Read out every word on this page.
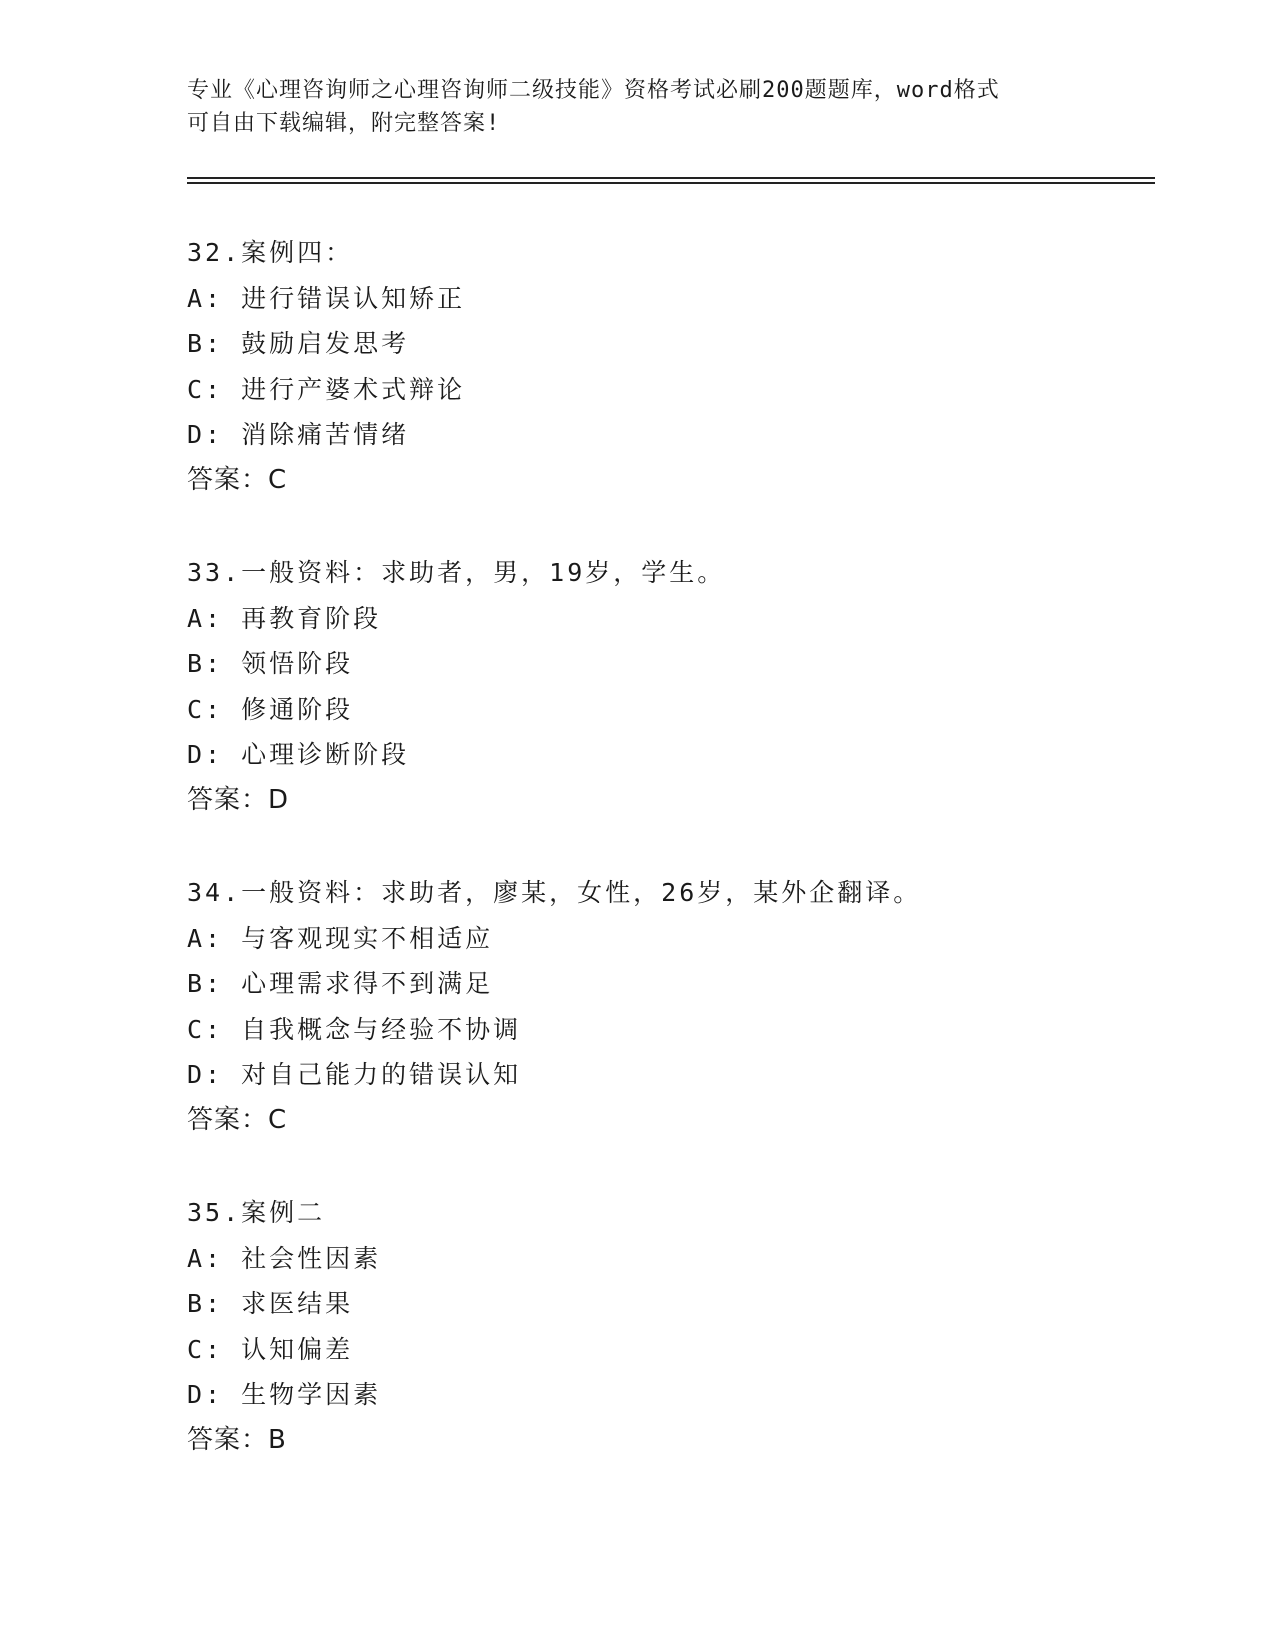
专业《心理咨询师之心理咨询师二级技能》资格考试必刷200题题库，word格式
可自由下载编辑，附完整答案!
32.案例四：
A: 进行错误认知矫正
B: 鼓励启发思考
C: 进行产婆术式辩论
D: 消除痛苦情绪
答案：C
33.一般资料：求助者，男，19岁，学生。
A: 再教育阶段
B: 领悟阶段
C: 修通阶段
D: 心理诊断阶段
答案：D
34.一般资料：求助者，廖某，女性，26岁，某外企翻译。
A: 与客观现实不相适应
B: 心理需求得不到满足
C: 自我概念与经验不协调
D: 对自己能力的错误认知
答案：C
35.案例二
A: 社会性因素
B: 求医结果
C: 认知偏差
D: 生物学因素
答案：B
